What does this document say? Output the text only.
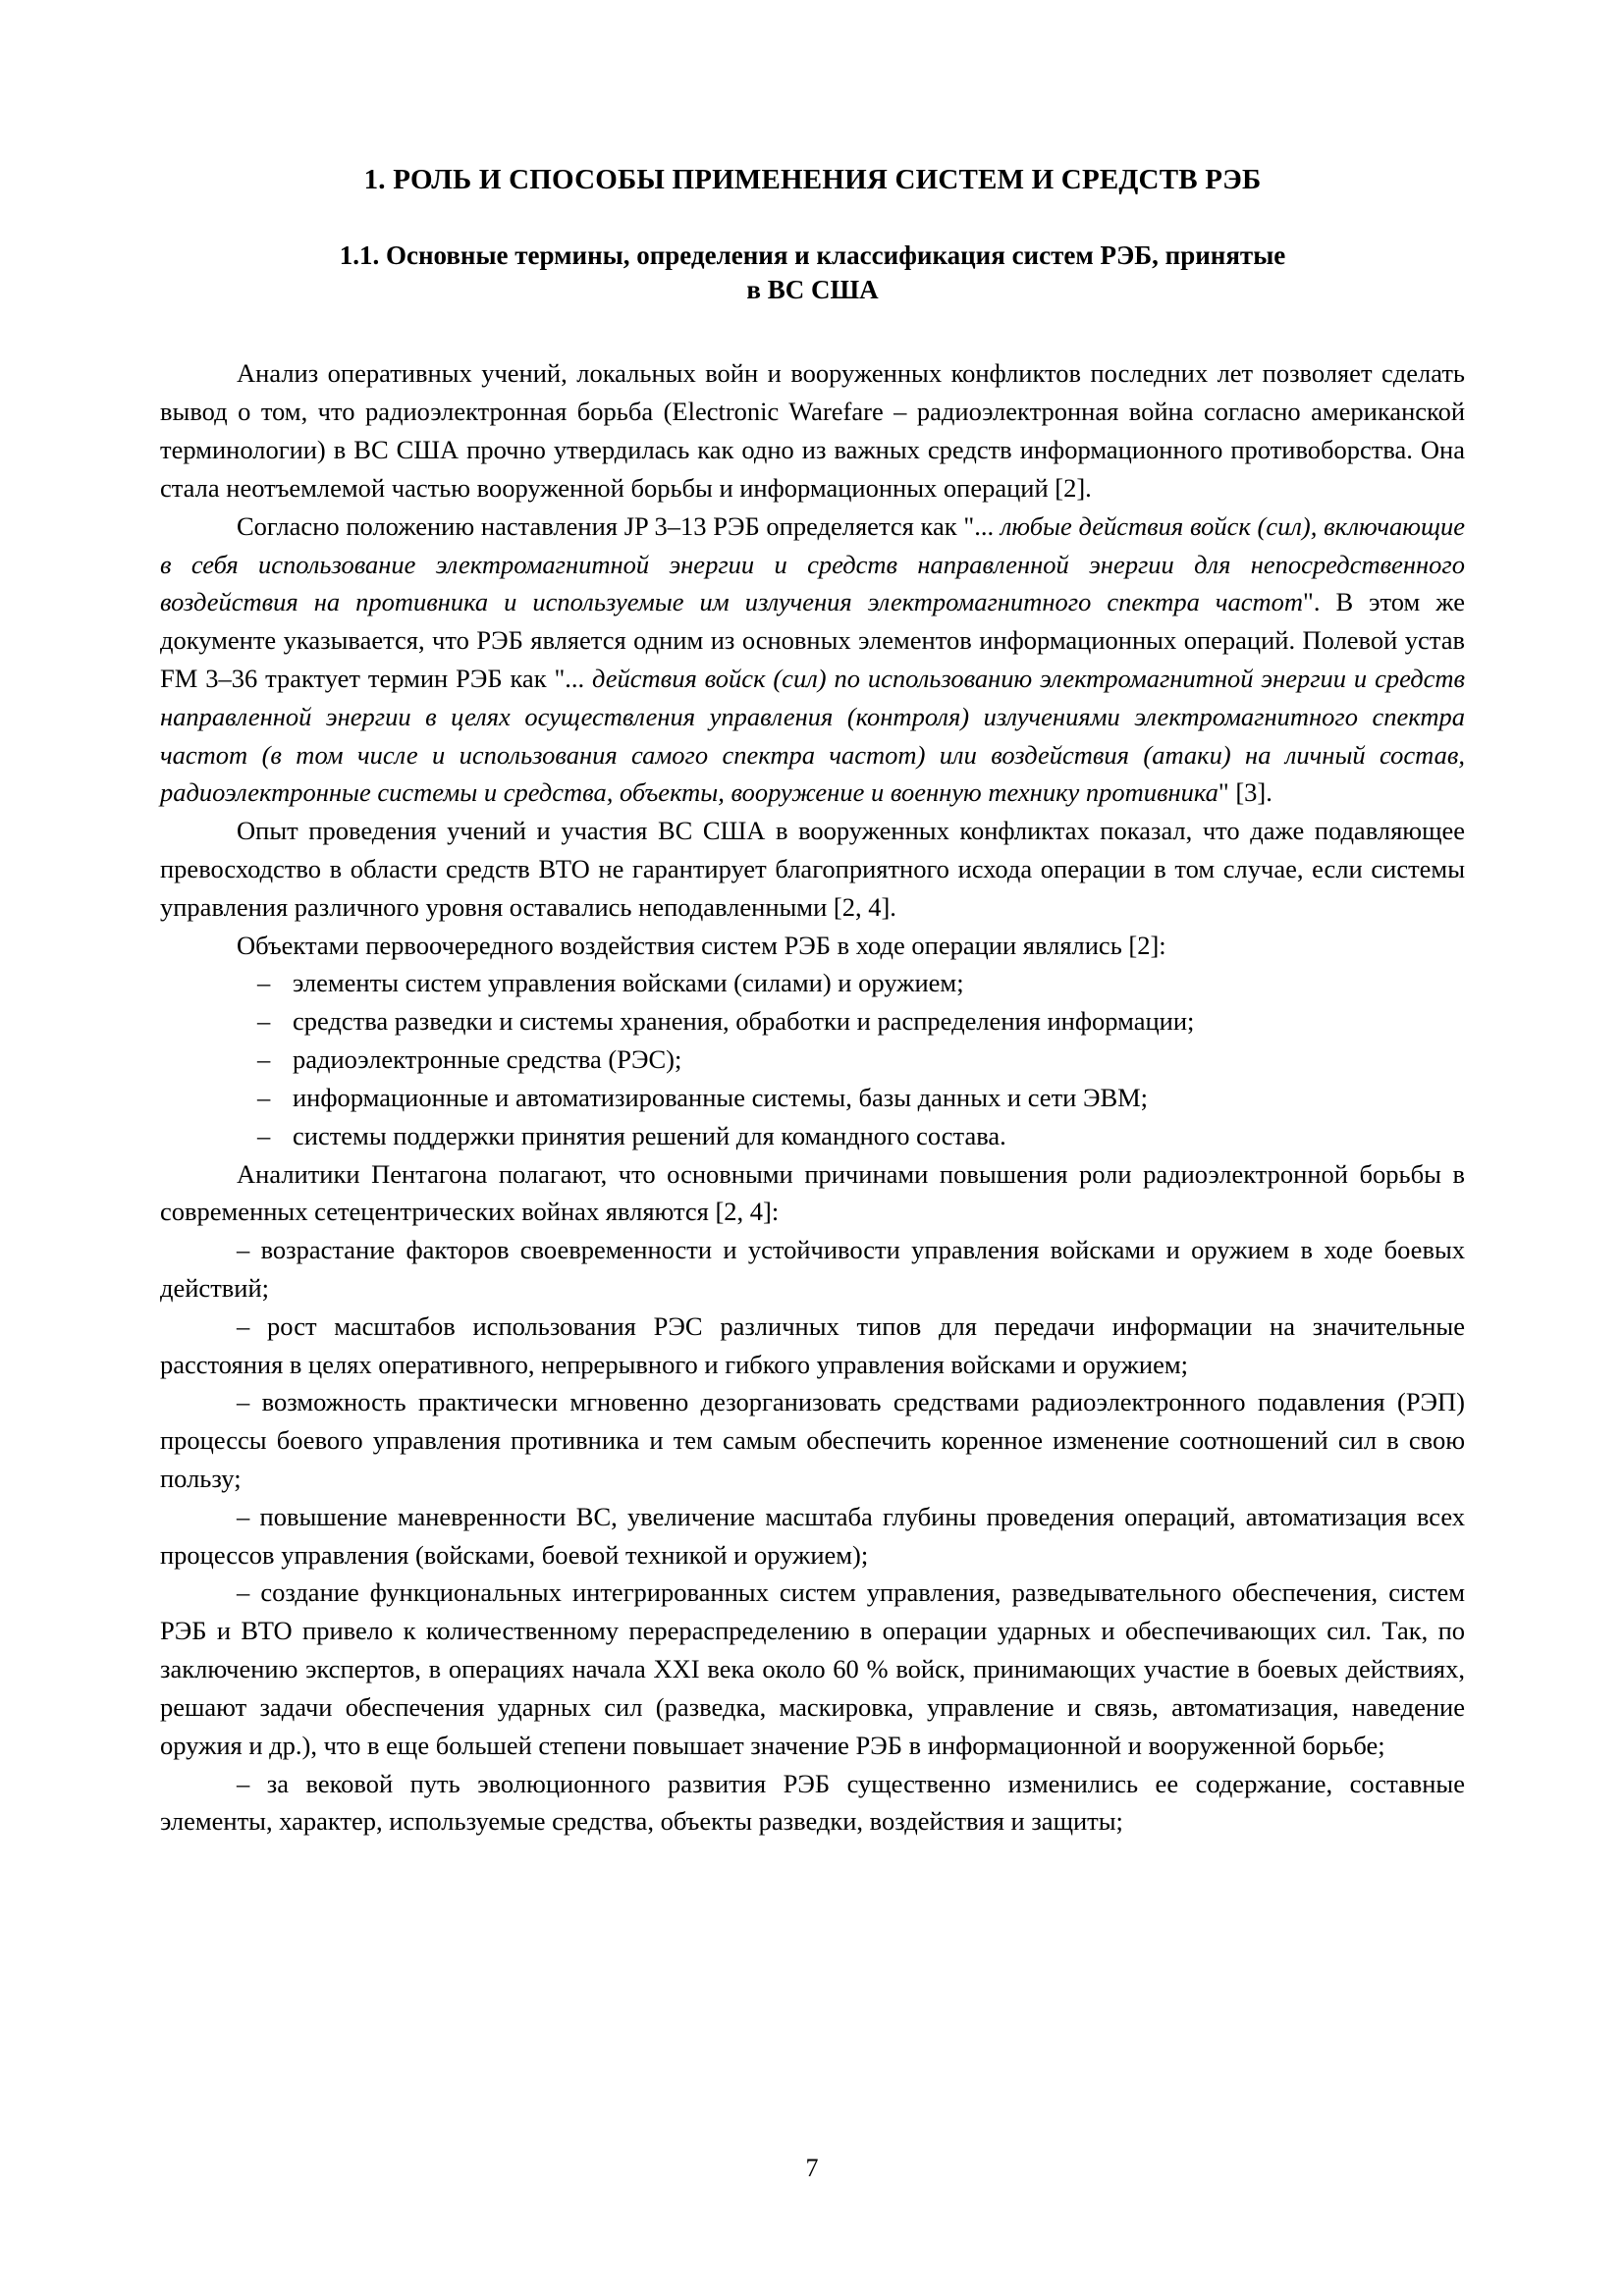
1. РОЛЬ И СПОСОБЫ ПРИМЕНЕНИЯ СИСТЕМ И СРЕДСТВ РЭБ
1.1. Основные термины, определения и классификация систем РЭБ, принятые
в ВС США

Анализ оперативных учений, локальных войн и вооруженных конфликтов последних лет позволяет сделать вывод о том, что радиоэлектронная борьба (Electronic Warefare – радиоэлектронная война согласно американской терминологии) в ВС США прочно утвердилась как одно из важных средств информационного противоборства. Она стала неотъемлемой частью вооруженной борьбы и информационных операций [2].

Согласно положению наставления JP 3–13 РЭБ определяется как "... любые действия войск (сил), включающие в себя использование электромагнитной энергии и средств направленной энергии для непосредственного воздействия на противника и используемые им излучения электромагнитного спектра частот". В этом же документе указывается, что РЭБ является одним из основных элементов информационных операций. Полевой устав FM 3–36 трактует термин РЭБ как "... действия войск (сил) по использованию электромагнитной энергии и средств направленной энергии в целях осуществления управления (контроля) излучениями электромагнитного спектра частот (в том числе и использования самого спектра частот) или воздействия (атаки) на личный состав, радиоэлектронные системы и средства, объекты, вооружение и военную технику противника" [3].

Опыт проведения учений и участия ВС США в вооруженных конфликтах показал, что даже подавляющее превосходство в области средств ВТО не гарантирует благоприятного исхода операции в том случае, если системы управления различного уровня оставались неподавленными [2, 4].

Объектами первоочередного воздействия систем РЭБ в ходе операции являлись [2]:

– элементы систем управления войсками (силами) и оружием;
– средства разведки и системы хранения, обработки и распределения информации;
– радиоэлектронные средства (РЭС);
– информационные и автоматизированные системы, базы данных и сети ЭВМ;
– системы поддержки принятия решений для командного состава.

Аналитики Пентагона полагают, что основными причинами повышения роли радиоэлектронной борьбы в современных сетецентрических войнах являются [2, 4]:

– возрастание факторов своевременности и устойчивости управления войсками и оружием в ходе боевых действий;

– рост масштабов использования РЭС различных типов для передачи информации на значительные расстояния в целях оперативного, непрерывного и гибкого управления войсками и оружием;

– возможность практически мгновенно дезорганизовать средствами радиоэлектронного подавления (РЭП) процессы боевого управления противника и тем самым обеспечить коренное изменение соотношений сил в свою пользу;

– повышение маневренности ВС, увеличение масштаба глубины проведения операций, автоматизация всех процессов управления (войсками, боевой техникой и оружием);

– создание функциональных интегрированных систем управления, разведывательного обеспечения, систем РЭБ и ВТО привело к количественному перераспределению в операции ударных и обеспечивающих сил. Так, по заключению экспертов, в операциях начала XXI века около 60 % войск, принимающих участие в боевых действиях, решают задачи обеспечения ударных сил (разведка, маскировка, управление и связь, автоматизация, наведение оружия и др.), что в еще большей степени повышает значение РЭБ в информационной и вооруженной борьбе;

– за вековой путь эволюционного развития РЭБ существенно изменились ее содержание, составные элементы, характер, используемые средства, объекты разведки, воздействия и защиты;

7
